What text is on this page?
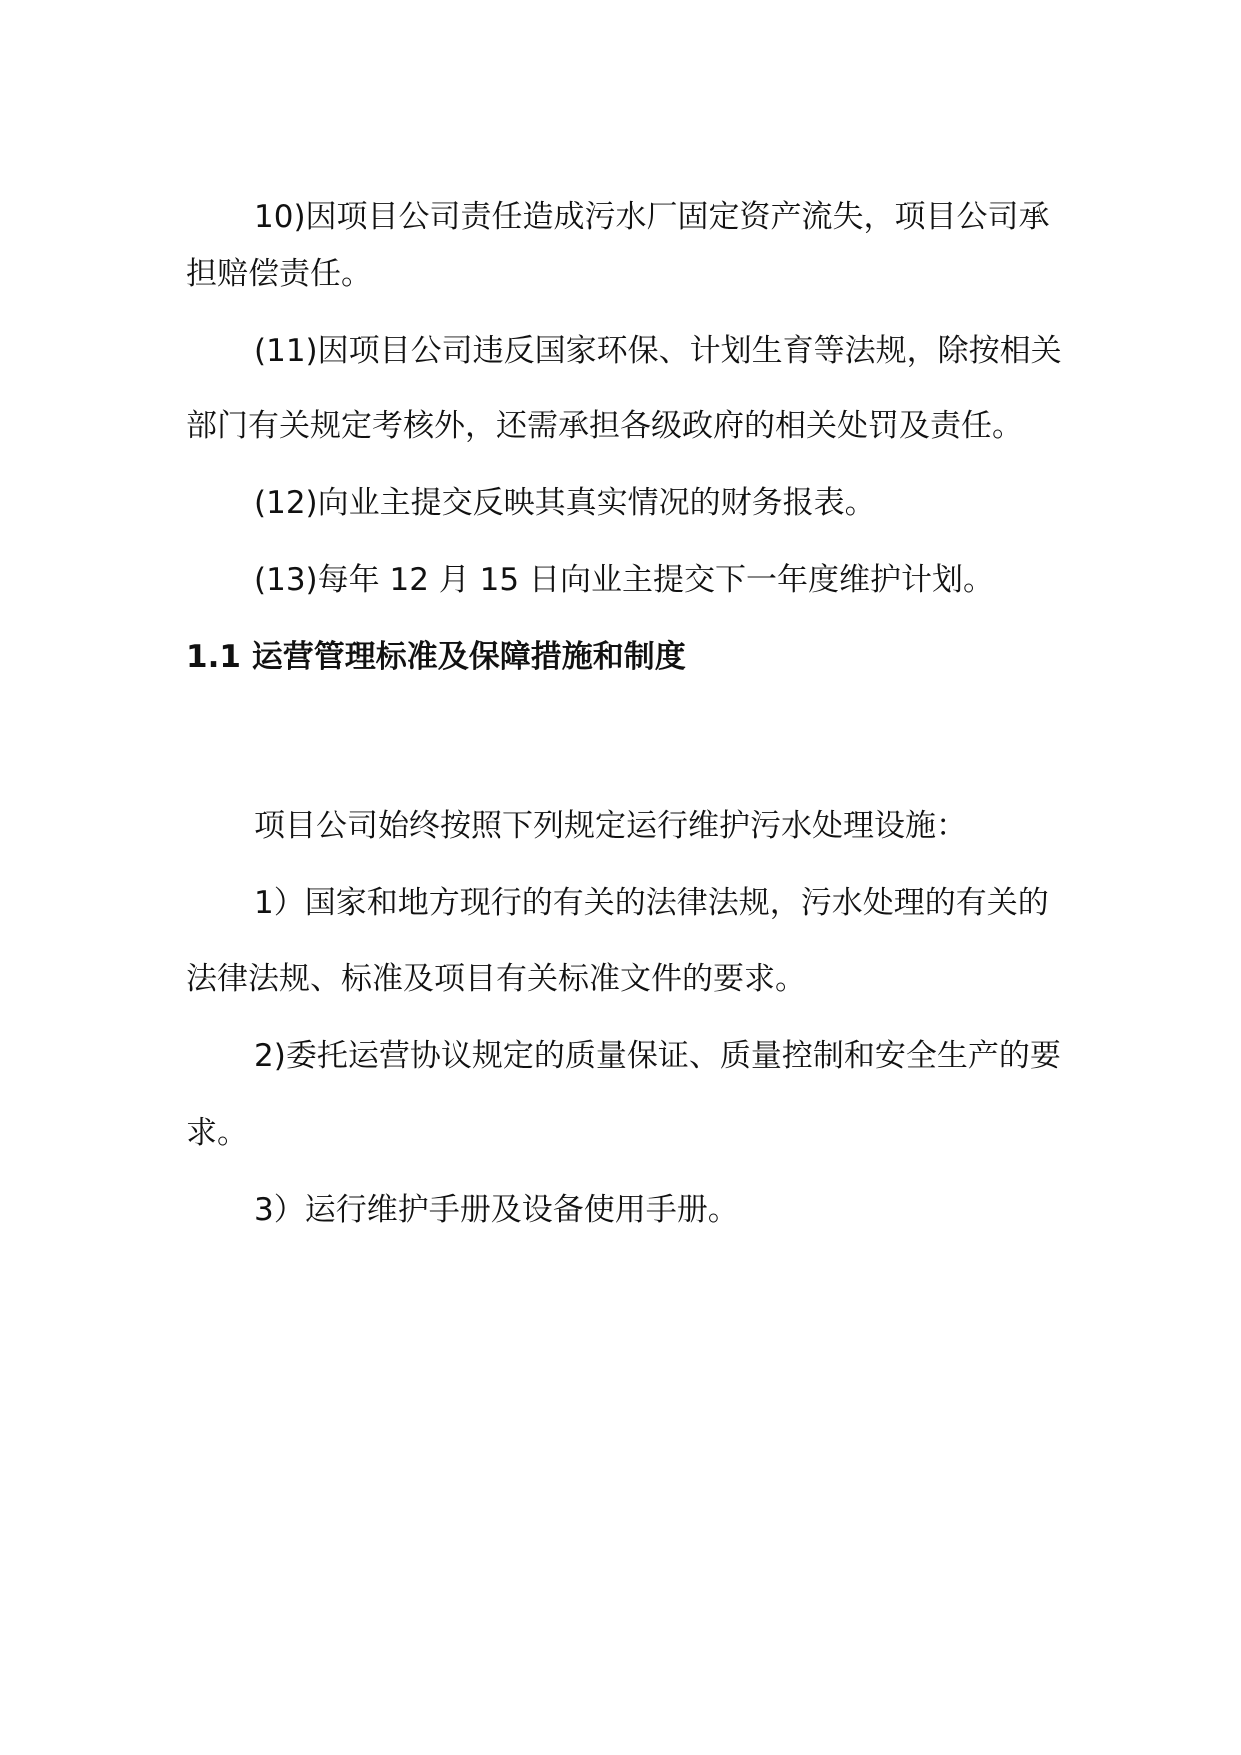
10)因项目公司责任造成污水厂固定资产流失，项目公司承
担赔偿责任。
(11)因项目公司违反国家环保、计划生育等法规，除按相关
部门有关规定考核外，还需承担各级政府的相关处罚及责任。
(12)向业主提交反映其真实情况的财务报表。
(13)每年 12 月 15 日向业主提交下一年度维护计划。
1.1 运营管理标准及保障措施和制度
项目公司始终按照下列规定运行维护污水处理设施：
1）国家和地方现行的有关的法律法规，污水处理的有关的
法律法规、标准及项目有关标准文件的要求。
2)委托运营协议规定的质量保证、质量控制和安全生产的要
求。
3）运行维护手册及设备使用手册。
